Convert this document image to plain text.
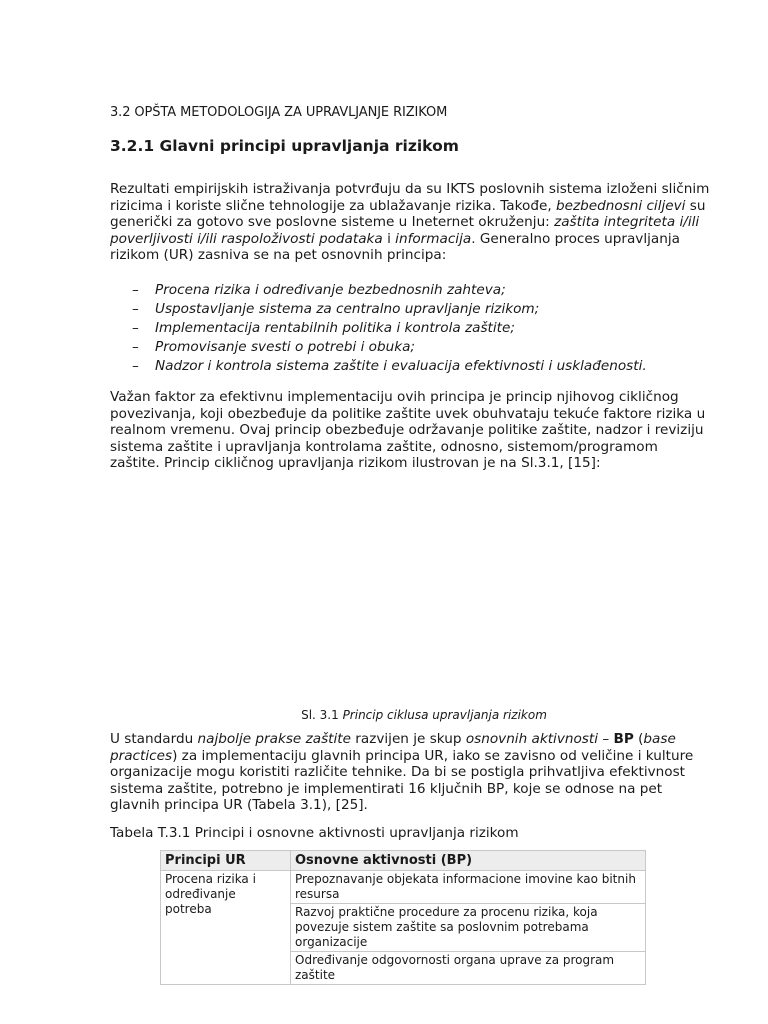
3.2 OPŠTA METODOLOGIJA ZA UPRAVLJANJE RIZIKOM
3.2.1 Glavni principi upravljanja rizikom
Rezultati empirijskih istraživanja potvrđuju da su IKTS poslovnih sistema izloženi sličnim rizicima i koriste slične tehnologije za ublažavanje rizika. Takođe, bezbednosni ciljevi su generički za gotovo sve poslovne sisteme u Ineternet okruženju: zaštita integriteta i/ili poverljivosti i/ili raspoloživosti podataka i informacija. Generalno proces upravljanja rizikom (UR) zasniva se na pet osnovnih principa:
– Procena rizika i određivanje bezbednosnih zahteva;
– Uspostavljanje sistema za centralno upravljanje rizikom;
– Implementacija rentabilnih politika i kontrola zaštite;
– Promovisanje svesti o potrebi i obuka;
– Nadzor i kontrola sistema zaštite i evaluacija efektivnosti i usklađenosti.
Važan faktor za efektivnu implementaciju ovih principa je princip njihovog cikličnog povezivanja, koji obezbeđuje da politike zaštite uvek obuhvataju tekuće faktore rizika u realnom vremenu. Ovaj princip obezbeđuje održavanje politike zaštite, nadzor i reviziju sistema zaštite i upravljanja kontrolama zaštite, odnosno, sistemom/programom zaštite. Princip cikličnog upravljanja rizikom ilustrovan je na Sl.3.1, [15]:
Sl. 3.1 Princip ciklusa upravljanja rizikom
U standardu najbolje prakse zaštite razvijen je skup osnovnih aktivnosti – BP (base practices) za implementaciju glavnih principa UR, iako se zavisno od veličine i kulture organizacije mogu koristiti različite tehnike. Da bi se postigla prihvatljiva efektivnost sistema zaštite, potrebno je implementirati 16 ključnih BP, koje se odnose na pet glavnih principa UR (Tabela 3.1), [25].
Tabela T.3.1 Principi i osnovne aktivnosti upravljanja rizikom
Principi UR	Osnovne aktivnosti (BP)
Procena rizika i određivanje potreba	Prepoznavanje objekata informacione imovine kao bitnih resursa
	Razvoj praktične procedure za procenu rizika, koja povezuje sistem zaštite sa poslovnim potrebama organizacije
	Određivanje odgovornosti organa uprave za program zaštite
